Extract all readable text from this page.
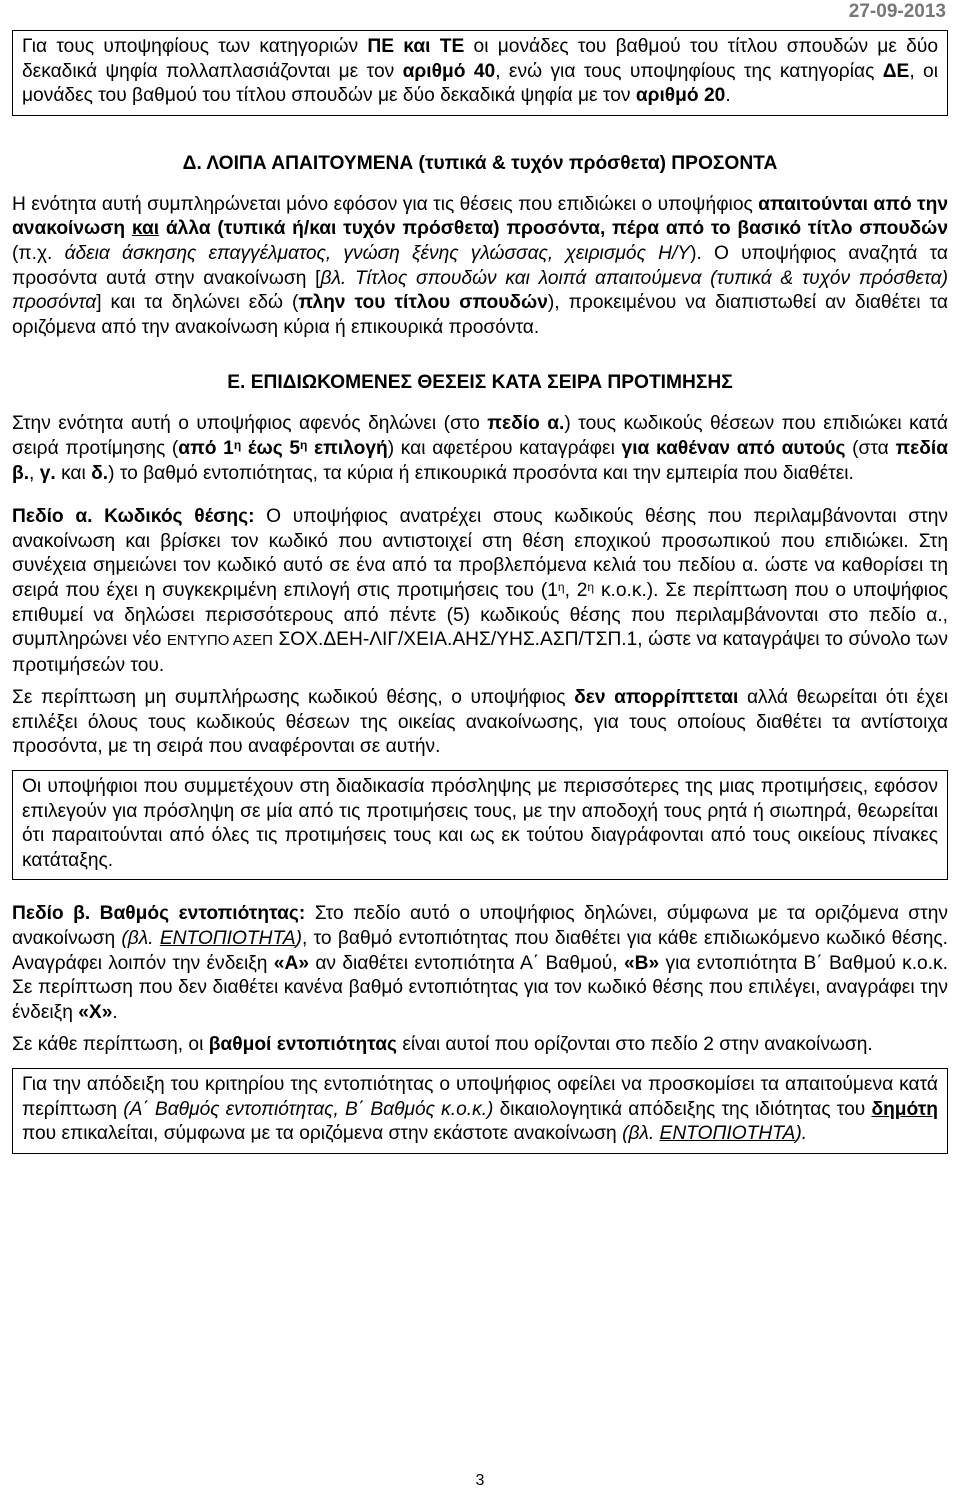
27-09-2013

Για τους υποψηφίους των κατηγοριών ΠΕ και ΤΕ οι μονάδες του βαθμού του τίτλου σπουδών με δύο δεκαδικά ψηφία πολλαπλασιάζονται με τον αριθμό 40, ενώ για τους υποψηφίους της κατηγορίας ΔΕ, οι μονάδες του βαθμού του τίτλου σπουδών με δύο δεκαδικά ψηφία με τον αριθμό 20.

Δ. ΛΟΙΠΑ ΑΠΑΙΤΟΥΜΕΝΑ (τυπικά & τυχόν πρόσθετα) ΠΡΟΣΟΝΤΑ

Η ενότητα αυτή συμπληρώνεται μόνο εφόσον για τις θέσεις που επιδιώκει ο υποψήφιος απαιτούνται από την ανακοίνωση και άλλα (τυπικά ή/και τυχόν πρόσθετα) προσόντα, πέρα από το βασικό τίτλο σπουδών (π.χ. άδεια άσκησης επαγγέλματος, γνώση ξένης γλώσσας, χειρισμός Η/Υ). Ο υποψήφιος αναζητά τα προσόντα αυτά στην ανακοίνωση [βλ. Τίτλος σπουδών και λοιπά απαιτούμενα (τυπικά & τυχόν πρόσθετα) προσόντα] και τα δηλώνει εδώ (πλην του τίτλου σπουδών), προκειμένου να διαπιστωθεί αν διαθέτει τα οριζόμενα από την ανακοίνωση κύρια ή επικουρικά προσόντα.

Ε. ΕΠΙΔΙΩΚΟΜΕΝΕΣ ΘΕΣΕΙΣ ΚΑΤΑ ΣΕΙΡΑ ΠΡΟΤΙΜΗΣΗΣ

Στην ενότητα αυτή ο υποψήφιος αφενός δηλώνει (στο πεδίο α.) τους κωδικούς θέσεων που επιδιώκει κατά σειρά προτίμησης (από $1^\eta$ έως $5^\eta$ επιλογή) και αφετέρου καταγράφει για καθέναν από αυτούς (στα πεδία β., γ. και δ.) το βαθμό εντοπιότητας, τα κύρια ή επικουρικά προσόντα και την εμπειρία που διαθέτει.

Πεδίο α. Κωδικός θέσης: Ο υποψήφιος ανατρέχει στους κωδικούς θέσης που περιλαμβάνονται στην ανακοίνωση και βρίσκει τον κωδικό που αντιστοιχεί στη θέση εποχικού προσωπικού που επιδιώκει. Στη συνέχεια σημειώνει τον κωδικό αυτό σε ένα από τα προβλεπόμενα κελιά του πεδίου α. ώστε να καθορίσει τη σειρά που έχει η συγκεκριμένη επιλογή στις προτιμήσεις του ($1^\eta$, $2^\eta$ κ.ο.κ.). Σε περίπτωση που ο υποψήφιος επιθυμεί να δηλώσει περισσότερους από πέντε (5) κωδικούς θέσης που περιλαμβάνονται στο πεδίο α., συμπληρώνει νέο ΕΝΤΥΠΟ ΑΣΕΠ ΣΟΧ.ΔΕΗ-ΛΙΓ/ΧΕΙΑ.ΑΗΣ/ΥΗΣ.ΑΣΠ/ΤΣΠ.1, ώστε να καταγράψει το σύνολο των προτιμήσεών του.

Σε περίπτωση μη συμπλήρωσης κωδικού θέσης, ο υποψήφιος δεν απορρίπτεται αλλά θεωρείται ότι έχει επιλέξει όλους τους κωδικούς θέσεων της οικείας ανακοίνωσης, για τους οποίους διαθέτει τα αντίστοιχα προσόντα, με τη σειρά που αναφέρονται σε αυτήν.

Οι υποψήφιοι που συμμετέχουν στη διαδικασία πρόσληψης με περισσότερες της μιας προτιμήσεις, εφόσον επιλεγούν για πρόσληψη σε μία από τις προτιμήσεις τους, με την αποδοχή τους ρητά ή σιωπηρά, θεωρείται ότι παραιτούνται από όλες τις προτιμήσεις τους και ως εκ τούτου διαγράφονται από τους οικείους πίνακες κατάταξης.

Πεδίο β. Βαθμός εντοπιότητας: Στο πεδίο αυτό ο υποψήφιος δηλώνει, σύμφωνα με τα οριζόμενα στην ανακοίνωση (βλ. ΕΝΤΟΠΙΟΤΗΤΑ), το βαθμό εντοπιότητας που διαθέτει για κάθε επιδιωκόμενο κωδικό θέσης. Αναγράφει λοιπόν την ένδειξη «Α» αν διαθέτει εντοπιότητα Α΄ Βαθμού, «Β» για εντοπιότητα Β΄ Βαθμού κ.ο.κ. Σε περίπτωση που δεν διαθέτει κανένα βαθμό εντοπιότητας για τον κωδικό θέσης που επιλέγει, αναγράφει την ένδειξη «Χ».

Σε κάθε περίπτωση, οι βαθμοί εντοπιότητας είναι αυτοί που ορίζονται στο πεδίο 2 στην ανακοίνωση.

Για την απόδειξη του κριτηρίου της εντοπιότητας ο υποψήφιος οφείλει να προσκομίσει τα απαιτούμενα κατά περίπτωση (Α΄ Βαθμός εντοπιότητας, Β΄ Βαθμός κ.ο.κ.) δικαιολογητικά απόδειξης της ιδιότητας του δημότη που επικαλείται, σύμφωνα με τα οριζόμενα στην εκάστοτε ανακοίνωση (βλ. ΕΝΤΟΠΙΟΤΗΤΑ).

3
